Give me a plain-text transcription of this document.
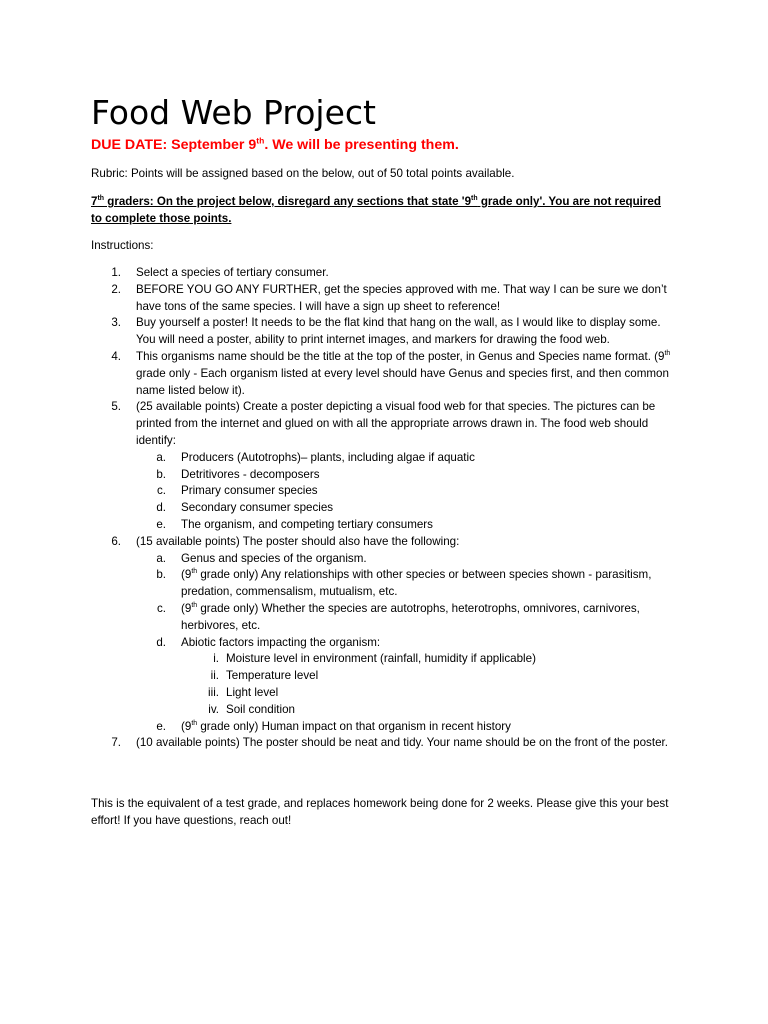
Food Web Project

DUE DATE: September 9th. We will be presenting them.

Rubric: Points will be assigned based on the below, out of 50 total points available.

7th graders: On the project below, disregard any sections that state '9th grade only'. You are not required to complete those points.

Instructions:

1. Select a species of tertiary consumer.
2. BEFORE YOU GO ANY FURTHER, get the species approved with me. That way I can be sure we don’t have tons of the same species. I will have a sign up sheet to reference!
3. Buy yourself a poster! It needs to be the flat kind that hang on the wall, as I would like to display some. You will need a poster, ability to print internet images, and markers for drawing the food web.
4. This organisms name should be the title at the top of the poster, in Genus and Species name format. (9th grade only - Each organism listed at every level should have Genus and species first, and then common name listed below it).
5. (25 available points) Create a poster depicting a visual food web for that species. The pictures can be printed from the internet and glued on with all the appropriate arrows drawn in. The food web should identify:
a. Producers (Autotrophs)– plants, including algae if aquatic
b. Detritivores - decomposers
c. Primary consumer species
d. Secondary consumer species
e. The organism, and competing tertiary consumers
6. (15 available points) The poster should also have the following:
a. Genus and species of the organism.
b. (9th grade only) Any relationships with other species or between species shown - parasitism, predation, commensalism, mutualism, etc.
c. (9th grade only) Whether the species are autotrophs, heterotrophs, omnivores, carnivores, herbivores, etc.
d. Abiotic factors impacting the organism:
i. Moisture level in environment (rainfall, humidity if applicable)
ii. Temperature level
iii. Light level
iv. Soil condition
e. (9th grade only) Human impact on that organism in recent history
7. (10 available points) The poster should be neat and tidy. Your name should be on the front of the poster.

This is the equivalent of a test grade, and replaces homework being done for 2 weeks. Please give this your best effort! If you have questions, reach out!
